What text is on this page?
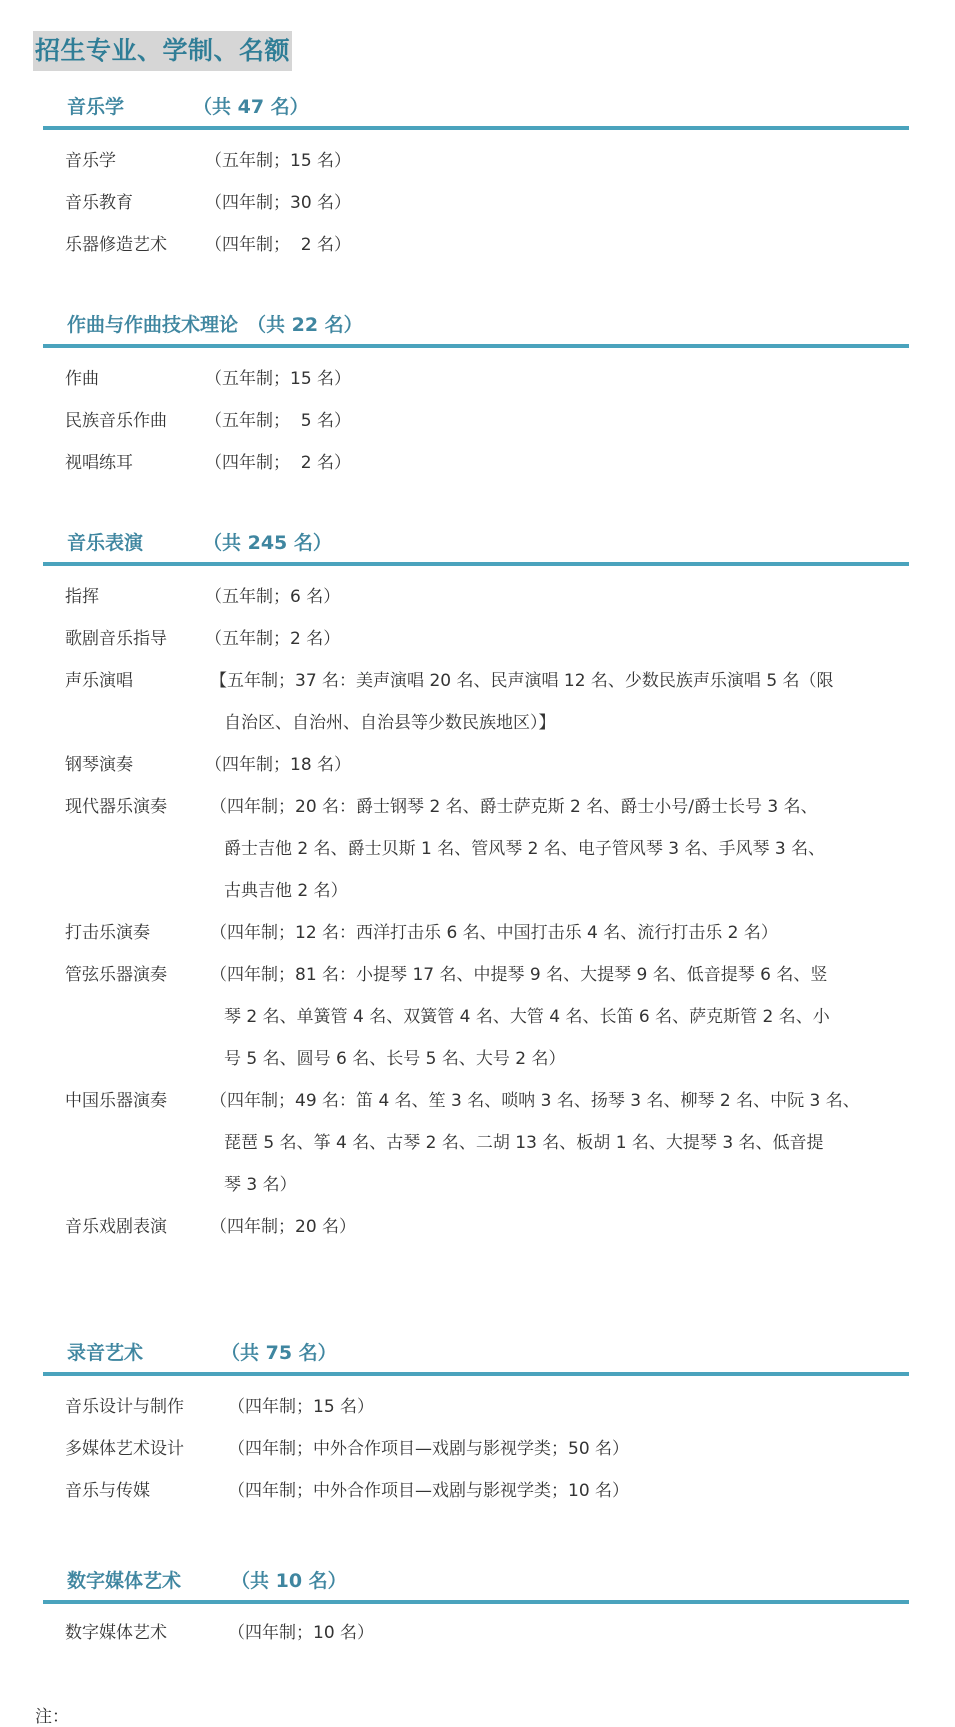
招生专业、学制、名额
音乐学	（共 47 名）
音乐学	（五年制；15 名）
音乐教育	（四年制；30 名）
乐器修造艺术 （四年制；  2 名）
作曲与作曲技术理论 （共 22 名）
作曲	（五年制；15 名）
民族音乐作曲 （五年制；  5 名）
视唱练耳	（四年制；  2 名）
音乐表演	（共 245 名）
指挥	（五年制；6 名）
歌剧音乐指导 （五年制；2 名）
声乐演唱	【五年制；37 名：美声演唱 20 名、民声演唱 12 名、少数民族声乐演唱 5 名（限
自治区、自治州、自治县等少数民族地区）】
钢琴演奏	（四年制；18 名）
现代器乐演奏	（四年制；20 名：爵士钢琴 2 名、爵士萨克斯 2 名、爵士小号/爵士长号 3 名、
爵士吉他 2 名、爵士贝斯 1 名、管风琴 2 名、电子管风琴 3 名、手风琴 3 名、
古典吉他 2 名）
打击乐演奏	（四年制；12 名：西洋打击乐 6 名、中国打击乐 4 名、流行打击乐 2 名）
管弦乐器演奏	（四年制；81 名：小提琴 17 名、中提琴 9 名、大提琴 9 名、低音提琴 6 名、竖
琴 2 名、单簧管 4 名、双簧管 4 名、大管 4 名、长笛 6 名、萨克斯管 2 名、小
号 5 名、圆号 6 名、长号 5 名、大号 2 名）
中国乐器演奏	（四年制；49 名：笛 4 名、笙 3 名、唢呐 3 名、扬琴 3 名、柳琴 2 名、中阮 3 名、
琵琶 5 名、筝 4 名、古琴 2 名、二胡 13 名、板胡 1 名、大提琴 3 名、低音提
琴 3 名）
音乐戏剧表演	（四年制；20 名）
录音艺术	（共 75 名）
音乐设计与制作	（四年制；15 名）
多媒体艺术设计	（四年制；中外合作项目—戏剧与影视学类；50 名）
音乐与传媒	（四年制；中外合作项目—戏剧与影视学类；10 名）
数字媒体艺术	（共 10 名）
数字媒体艺术	（四年制；10 名）
注：
